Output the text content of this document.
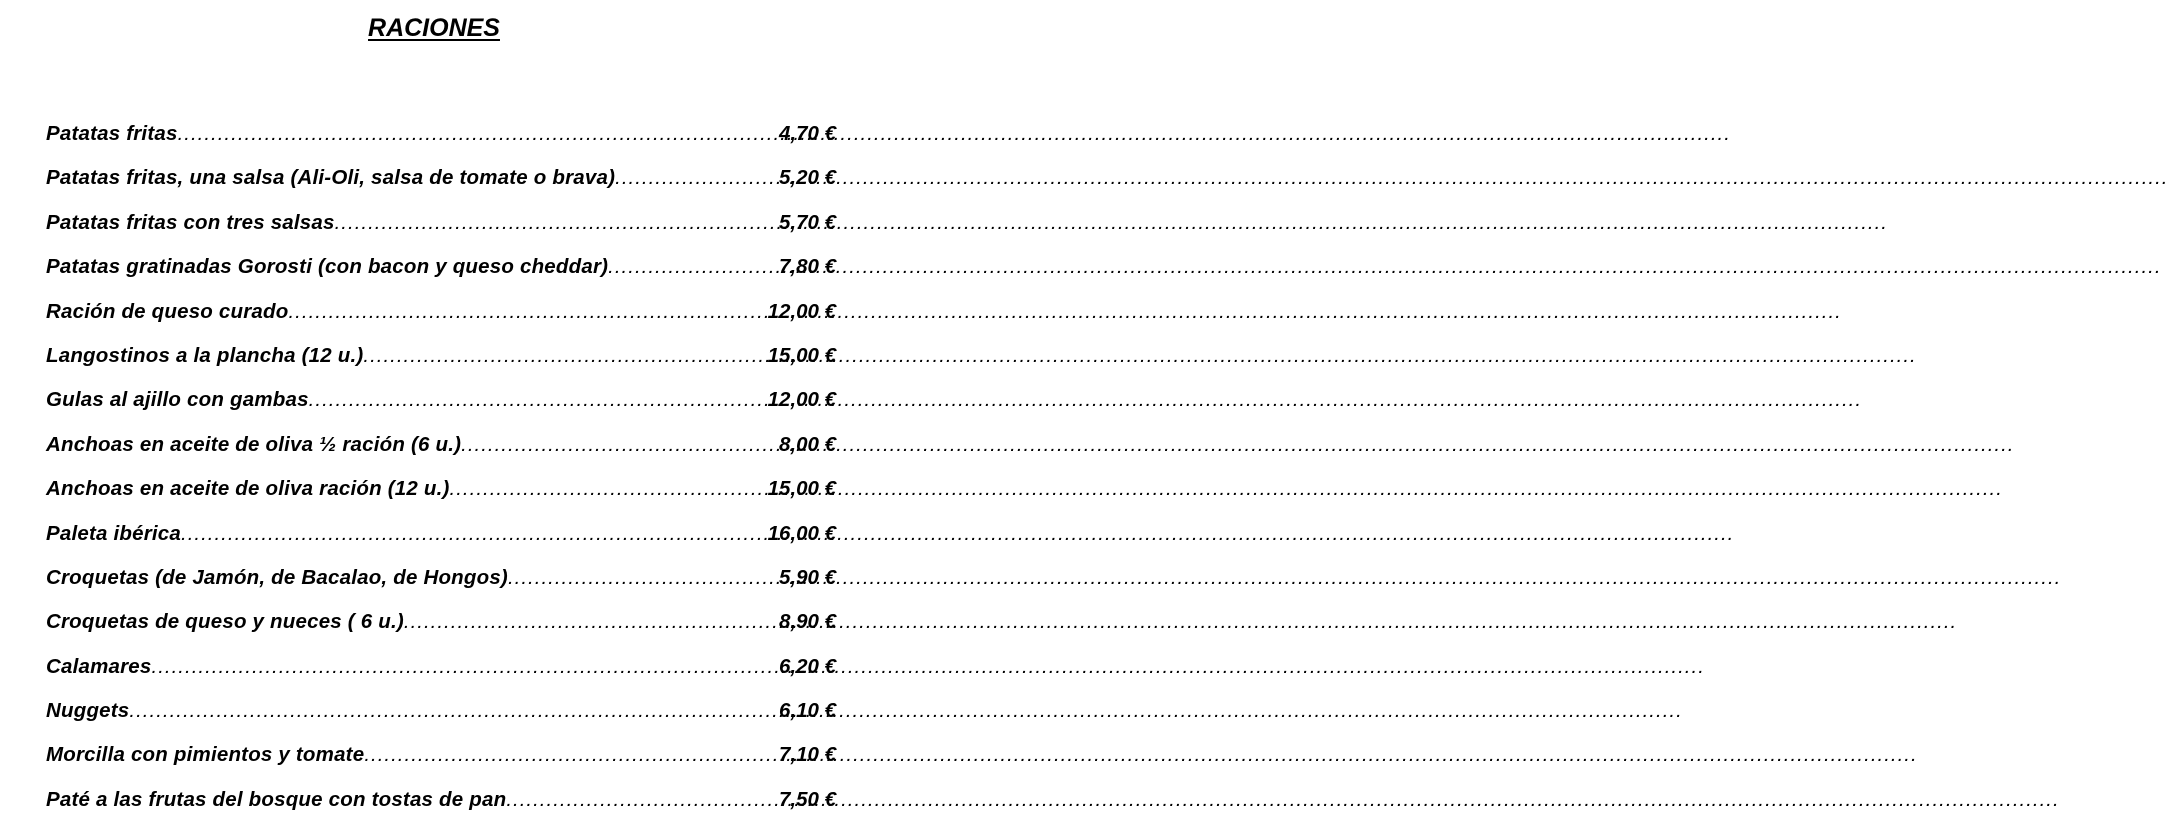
RACIONES
Patatas fritas .....	4,70 €
Patatas fritas, una salsa (Ali-Oli, salsa de tomate o brava) .....	5,20 €
Patatas fritas con tres salsas .....	5,70 €
Patatas gratinadas Gorosti (con bacon y queso cheddar) .....	7,80 €
Ración de queso curado .....	12,00 €
Langostinos a la plancha (12 u.) .....	15,00 €
Gulas al ajillo con gambas .....	12,00 €
Anchoas en aceite de oliva ½ ración (6 u.) .....	8,00 €
Anchoas en aceite de oliva ración (12 u.) .....	15,00 €
Paleta ibérica .....	16,00 €
Croquetas (de Jamón, de Bacalao, de Hongos) .....	5,90 €
Croquetas de queso y nueces ( 6 u.) .....	8,90 €
Calamares .....	6,20 €
Nuggets .....	6,10 €
Morcilla con pimientos y tomate .....	7,10 €
Paté a las frutas del bosque con tostas de pan .....	7,50 €
